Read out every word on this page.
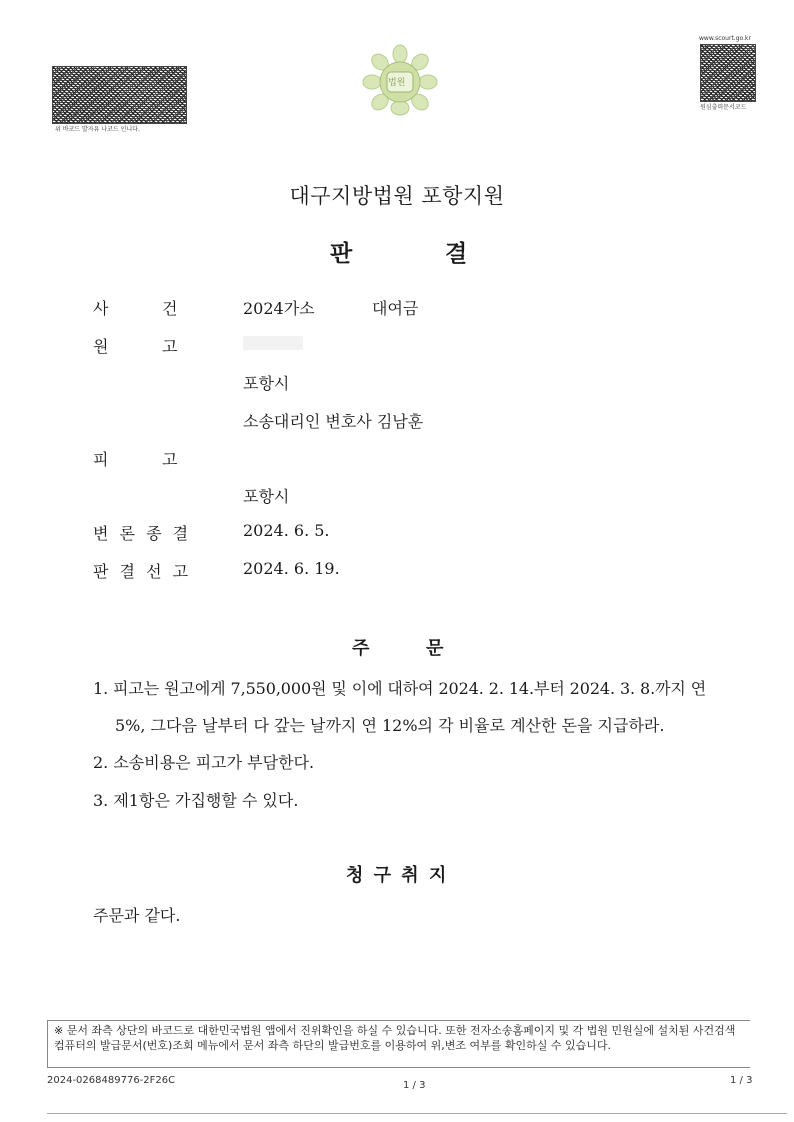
위 바코드 발자유 나코드 인니다.
법원
www.scourt.go.kr
원심출력문서코드
대구지방법원 포항지원
판	결
사	건	2024가소	대여금
원	고
포항시
소송대리인 변호사 김남훈
피	고
포항시
변 론 종 결	2024. 6. 5.
판 결 선 고	2024. 6. 19.
주	문
1. 피고는 원고에게 7,550,000원 및 이에 대하여 2024. 2. 14.부터 2024. 3. 8.까지 연
5%, 그다음 날부터 다 갚는 날까지 연 12%의 각 비율로 계산한 돈을 지급하라.
2. 소송비용은 피고가 부담한다.
3. 제1항은 가집행할 수 있다.
청 구 취 지
주문과 같다.
※ 문서 좌측 상단의 바코드로 대한민국법원 앱에서 진위확인을 하실 수 있습니다. 또한 전자소송홈페이지 및 각 법원 민원실에 설치된 사건검색 컴퓨터의 발급문서(번호)조회 메뉴에서 문서 좌측 하단의 발급번호를 이용하여 위,변조 여부를 확인하실 수 있습니다.
2024-0268489776-2F26C	1 / 3	1 / 3
